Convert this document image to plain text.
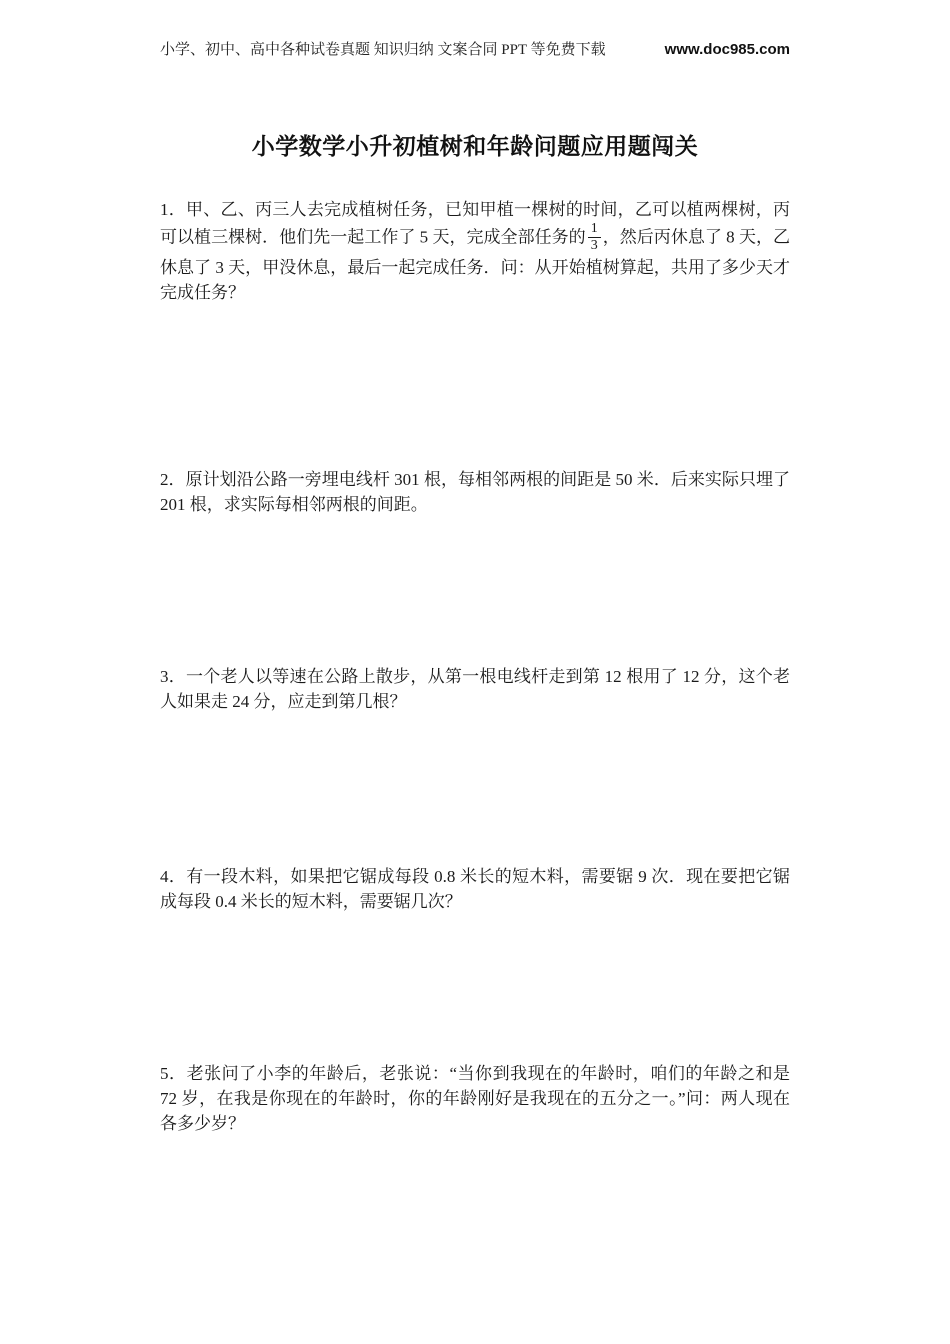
小学、初中、高中各种试卷真题 知识归纳 文案合同 PPT 等免费下载	www.doc985.com
小学数学小升初植树和年龄问题应用题闯关

1．甲、乙、丙三人去完成植树任务，已知甲植一棵树的时间，乙可以植两棵树，丙可以植三棵树．他们先一起工作了 5 天，完成全部任务的 $\frac{1}{3}$ ，然后丙休息了 8 天，乙休息了 3 天，甲没休息，最后一起完成任务．问：从开始植树算起，共用了多少天才完成任务？

2．原计划沿公路一旁埋电线杆 301 根，每相邻两根的间距是 50 米．后来实际只埋了 201 根，求实际每相邻两根的间距。

3．一个老人以等速在公路上散步，从第一根电线杆走到第 12 根用了 12 分，这个老人如果走 24 分，应走到第几根？

4．有一段木料，如果把它锯成每段 0.8 米长的短木料，需要锯 9 次．现在要把它锯成每段 0.4 米长的短木料，需要锯几次？

5．老张问了小李的年龄后，老张说：“当你到我现在的年龄时，咱们的年龄之和是 72 岁，在我是你现在的年龄时，你的年龄刚好是我现在的五分之一。”问：两人现在各多少岁？
